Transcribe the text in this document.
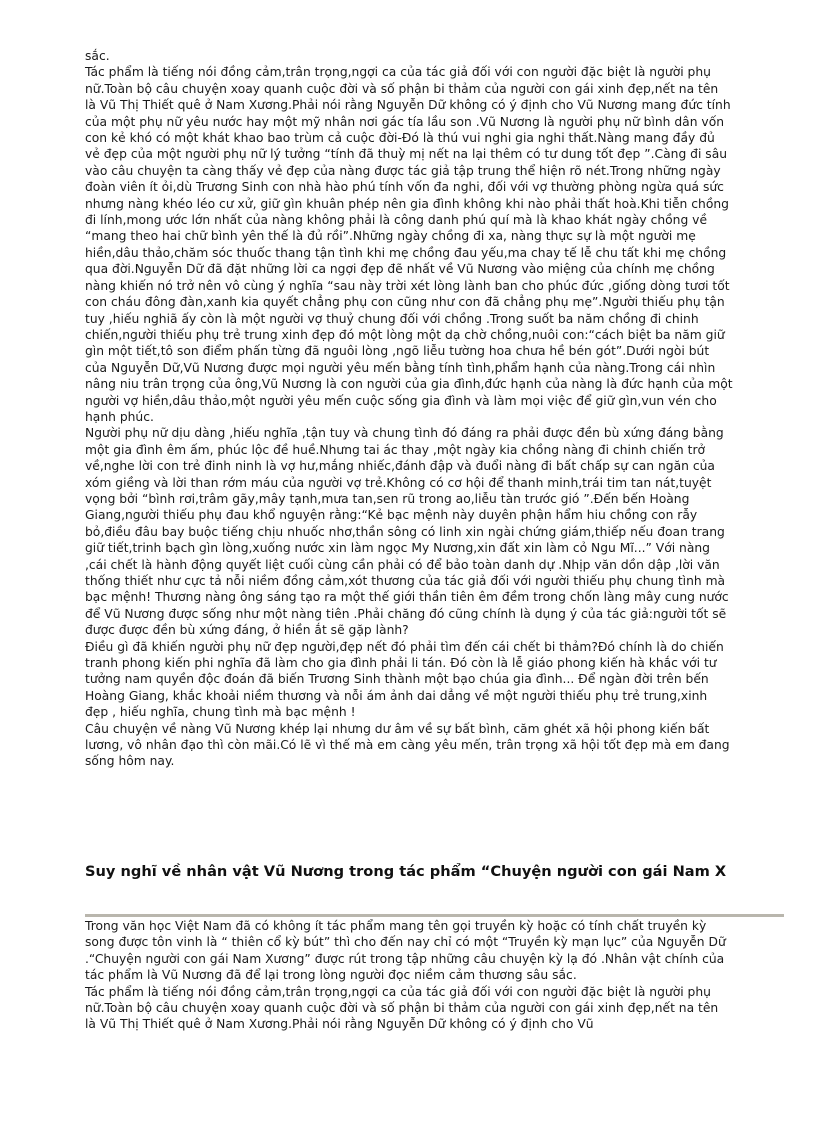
sắc.

Tác phẩm là tiếng nói đồng cảm,trân trọng,ngợi ca của tác giả đối với con người đặc biệt là người phụ nữ.Toàn bộ câu chuyện xoay quanh cuộc đời và số phận bi thảm của người con gái xinh đẹp,nết na tên là Vũ Thị Thiết quê ở Nam Xương.Phải nói rằng Nguyễn Dữ không có ý định cho Vũ Nương mang đức tính của một phụ nữ yêu nước hay một mỹ nhân nơi gác tía lầu son .Vũ Nương là người phụ nữ bình dân vốn con kẻ khó có một khát khao bao trùm cả cuộc đời-Đó là thú vui nghi gia nghi thất.Nàng mang đầy đủ vẻ đẹp của một người phụ nữ lý tưởng “tính đã thuỳ mị nết na lại thêm có tư dung tốt đẹp ”.Càng đi sâu vào câu chuyện ta càng thấy vẻ đẹp của nàng được tác giả tập trung thể hiện rõ nét.Trong những ngày đoàn viên ít ỏi,dù Trương Sinh con nhà hào phú tính vốn đa nghi, đối với vợ thường phòng ngừa quá sức nhưng nàng khéo léo cư xử, giữ gìn khuân phép nên gia đình không khi nào phải thất hoà.Khi tiễn chồng đi lính,mong ước lớn nhất của nàng không phải là công danh phú quí mà là khao khát ngày chồng về “mang theo hai chữ bình yên thế là đủ rồi”.Những ngày chồng đi xa, nàng thực sự là một người mẹ hiền,dâu thảo,chăm sóc thuốc thang tận tình khi mẹ chồng đau yếu,ma chay tế lễ chu tất khi mẹ chồng qua đời.Nguyễn Dữ đã đặt những lời ca ngợi đẹp đẽ nhất về Vũ Nương vào miệng của chính mẹ chồng nàng khiến nó trở nên vô cùng ý nghĩa “sau này trời xét lòng lành ban cho phúc đức ,giống dòng tươi tốt con cháu đông đàn,xanh kia quyết chẳng phụ con cũng như con đã chẳng phụ mẹ”.Người thiếu phụ tận tuy ,hiếu nghiã ấy còn là một người vợ thuỷ chung đối với chồng .Trong suốt ba năm chồng đi chinh chiến,người thiếu phụ trẻ trung xinh đẹp đó một lòng một dạ chờ chồng,nuôi con:“cách biệt ba năm giữ gìn một tiết,tô son điểm phấn từng đã nguôi lòng ,ngõ liễu tường hoa chưa hề bén gót”.Dưới ngòi bút của Nguyễn Dữ,Vũ Nương được mọi người yêu mến bằng tính tình,phẩm hạnh của nàng.Trong cái nhìn nâng niu trân trọng của ông,Vũ Nương là con người của gia đình,đức hạnh của nàng là đức hạnh của một người vợ hiền,dâu thảo,một người yêu mến cuộc sống gia đình và làm mọi việc để giữ gìn,vun vén cho hạnh phúc.

Người phụ nữ dịu dàng ,hiếu nghĩa ,tận tuy và chung tình đó đáng ra phải được đền bù xứng đáng bằng một gia đình êm ấm, phúc lộc đề huề.Nhưng tai ác thay ,một ngày kia chồng nàng đi chinh chiến trở về,nghe lời con trẻ đinh ninh là vợ hư,mắng nhiếc,đánh đập và đuổi nàng đi bất chấp sự can ngăn của xóm giềng và lời than rớm máu của người vợ trẻ.Không có cơ hội để thanh minh,trái tim tan nát,tuyệt vọng bởi “bình rơi,trâm gãy,mây tạnh,mưa tan,sen rũ trong ao,liễu tàn trước gió ”.Đến bến Hoàng Giang,người thiếu phụ đau khổ nguyện rằng:“Kẻ bạc mệnh này duyên phận hẩm hiu chồng con rẫy bỏ,điều đâu bay buộc tiếng chịu nhuốc nhơ,thần sông có linh xin ngài chứng giám,thiếp nếu đoan trang giữ tiết,trinh bạch gìn lòng,xuống nước xin làm ngọc My Nương,xin đất xin làm cỏ Ngu Mĩ...” Với nàng ,cái chết là hành động quyết liệt cuối cùng cần phải có để bảo toàn danh dự .Nhịp văn dồn dập ,lời văn thống thiết như cực tả nỗi niềm đồng cảm,xót thương của tác giả đối với người thiếu phụ chung tình mà bạc mệnh! Thương nàng ông sáng tạo ra một thế giới thần tiên êm đềm trong chốn làng mây cung nước để Vũ Nương được sống như một nàng tiên .Phải chăng đó cũng chính là dụng ý của tác giả:người tốt sẽ được được đền bù xứng đáng, ở hiền ắt sẽ gặp lành?

Điều gì đã khiến người phụ nữ đẹp người,đẹp nết đó phải tìm đến cái chết bi thảm?Đó chính là do chiến tranh phong kiến phi nghĩa đã làm cho gia đình phải li tán. Đó còn là lễ giáo phong kiến hà khắc với tư tưởng nam quyền độc đoán đã biến Trương Sinh thành một bạo chúa gia đình... Để ngàn đời trên bến Hoàng Giang, khắc khoải niềm thương và nỗi ám ảnh dai dẳng về một người thiếu phụ trẻ trung,xinh đẹp , hiếu nghĩa, chung tình mà bạc mệnh !

Câu chuyện về nàng Vũ Nương khép lại nhưng dư âm về sự bất bình, căm ghét xã hội phong kiến bất lương, vô nhân đạo thì còn mãi.Có lẽ vì thế mà em càng yêu mến, trân trọng xã hội tốt đẹp mà em đang sống hôm nay.

Suy nghĩ về nhân vật Vũ Nương trong tác phẩm “Chuyện người con gái Nam X

Trong văn học Việt Nam đã có không ít tác phẩm mang tên gọi truyền kỳ hoặc có tính chất truyền kỳ song được tôn vinh là “ thiên cổ kỳ bút” thì cho đến nay chỉ có một “Truyền kỳ mạn lục” của Nguyễn Dữ .“Chuyện người con gái Nam Xương” được rút trong tập những câu chuyện kỳ lạ đó .Nhân vật chính của tác phẩm là Vũ Nương đã để lại trong lòng người đọc niềm cảm thương sâu sắc.

Tác phẩm là tiếng nói đồng cảm,trân trọng,ngợi ca của tác giả đối với con người đặc biệt là người phụ nữ.Toàn bộ câu chuyện xoay quanh cuộc đời và số phận bi thảm của người con gái xinh đẹp,nết na tên là Vũ Thị Thiết quê ở Nam Xương.Phải nói rằng Nguyễn Dữ không có ý định cho Vũ
